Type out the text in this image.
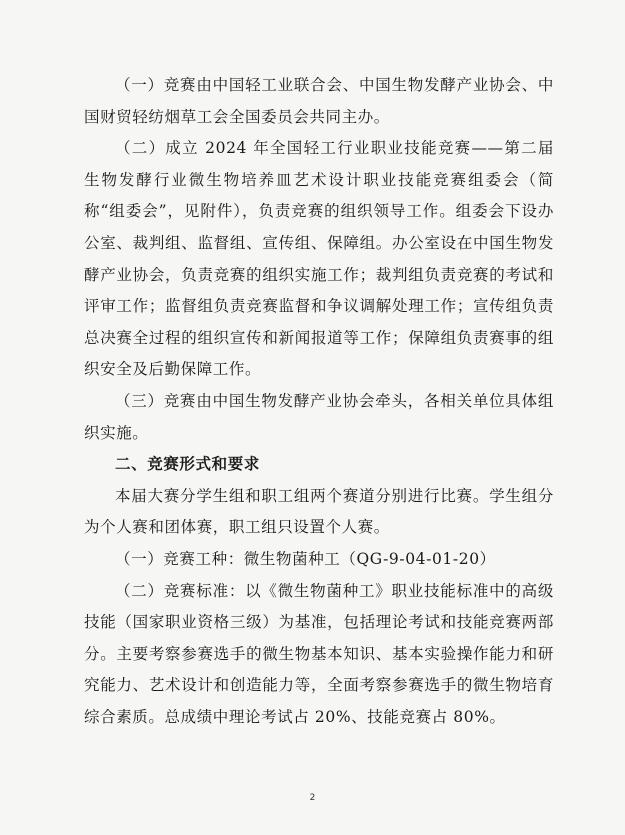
（一）竞赛由中国轻工业联合会、中国生物发酵产业协会、中国财贸轻纺烟草工会全国委员会共同主办。

（二）成立 2024 年全国轻工行业职业技能竞赛——第二届生物发酵行业微生物培养皿艺术设计职业技能竞赛组委会（简称“组委会”，见附件），负责竞赛的组织领导工作。组委会下设办公室、裁判组、监督组、宣传组、保障组。办公室设在中国生物发酵产业协会，负责竞赛的组织实施工作；裁判组负责竞赛的考试和评审工作；监督组负责竞赛监督和争议调解处理工作；宣传组负责总决赛全过程的组织宣传和新闻报道等工作；保障组负责赛事的组织安全及后勤保障工作。

（三）竞赛由中国生物发酵产业协会牵头，各相关单位具体组织实施。

二、竞赛形式和要求

本届大赛分学生组和职工组两个赛道分别进行比赛。学生组分为个人赛和团体赛，职工组只设置个人赛。

（一）竞赛工种：微生物菌种工（QG-9-04-01-20）

（二）竞赛标准：以《微生物菌种工》职业技能标准中的高级技能（国家职业资格三级）为基准，包括理论考试和技能竞赛两部分。主要考察参赛选手的微生物基本知识、基本实验操作能力和研究能力、艺术设计和创造能力等，全面考察参赛选手的微生物培育综合素质。总成绩中理论考试占 20%、技能竞赛占 80%。

2
